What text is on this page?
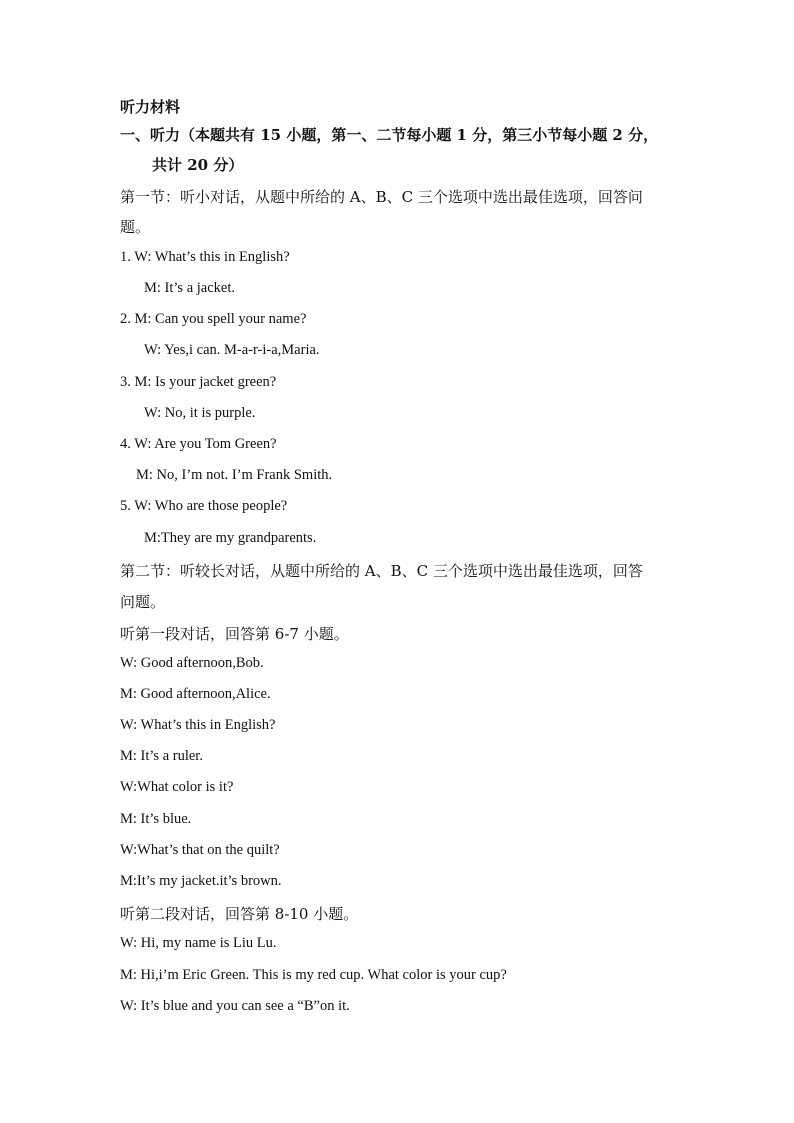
听力材料
一、听力（本题共有 15 小题，第一、二节每小题 1 分，第三小节每小题 2 分，
共计 20 分）
第一节：听小对话，从题中所给的 A、B、C 三个选项中选出最佳选项，回答问
题。
1. W: What’s this in English?
M: It’s a jacket.
2. M: Can you spell your name?
W: Yes,i can. M-a-r-i-a,Maria.
3. M: Is your jacket green?
W: No, it is purple.
4. W: Are you Tom Green?
M: No, I’m not. I’m Frank Smith.
5. W: Who are those people?
M:They are my grandparents.
第二节：听较长对话，从题中所给的 A、B、C 三个选项中选出最佳选项，回答
问题。
听第一段对话，回答第 6-7 小题。
W: Good afternoon,Bob.
M: Good afternoon,Alice.
W: What’s this in English?
M: It’s a ruler.
W:What color is it?
M: It’s blue.
W:What’s that on the quilt?
M:It’s my jacket.it’s brown.
听第二段对话，回答第 8-10 小题。
W: Hi, my name is Liu Lu.
M: Hi,i’m Eric Green. This is my red cup. What color is your cup?
W: It’s blue and you can see a “B”on it.
